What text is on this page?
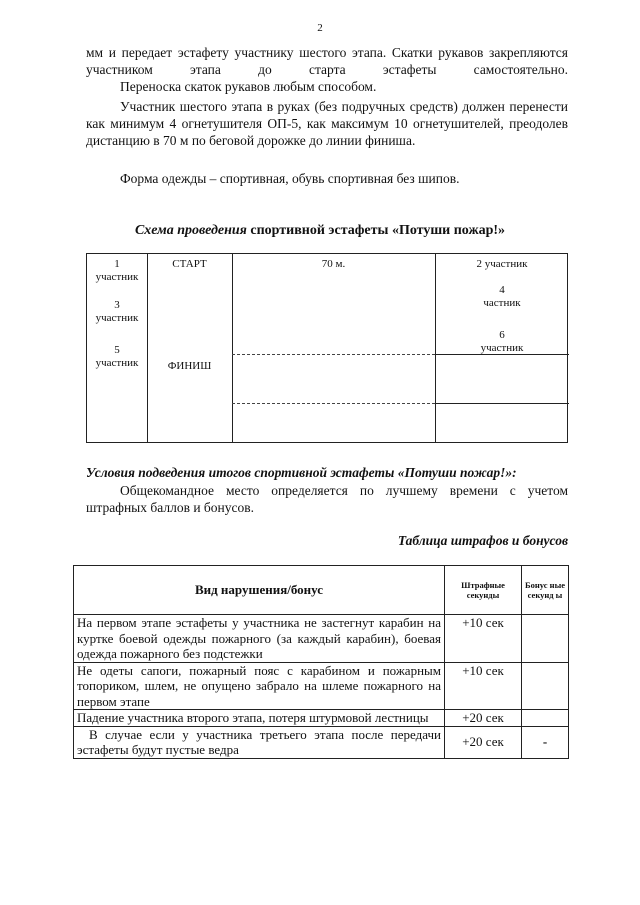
2

мм и передает эстафету участнику шестого этапа. Скатки рукавов закрепляются участником этапа до старта эстафеты самостоятельно.

Переноска скаток рукавов любым способом.

Участник шестого этапа в руках (без подручных средств) должен перенести как минимум 4 огнетушителя ОП-5, как максимум 10 огнетушителей, преодолев дистанцию в 70 м по беговой дорожке до линии финиша.

Форма одежды – спортивная, обувь спортивная без шипов.

Схема проведения спортивной эстафеты «Потуши пожар!»
1
участник
3
участник
5
участник
СТАРТ
ФИНИШ
70 м.	2 участник
4
частник
6
участник
Условия подведения итогов спортивной эстафеты «Потуши пожар!»:

Общекомандное место определяется по лучшему времени с учетом штрафных баллов и бонусов.

Таблица штрафов и бонусов
Вид нарушения/бонус	Штрафные секунды	Бонус ные секунд ы
На первом этапе эстафеты у участника не застегнут карабин на куртке боевой одежды пожарного (за каждый карабин), боевая одежда пожарного без подстежки	+10 сек	
Не одеты сапоги, пожарный пояс с карабином и пожарным топориком, шлем, не опущено забрало на шлеме пожарного на первом этапе	+10 сек	
Падение участника второго этапа, потеря штурмовой лестницы	+20 сек	
В случае если у участника третьего этапа после передачи эстафеты будут пустые ведра	+20 сек	-
